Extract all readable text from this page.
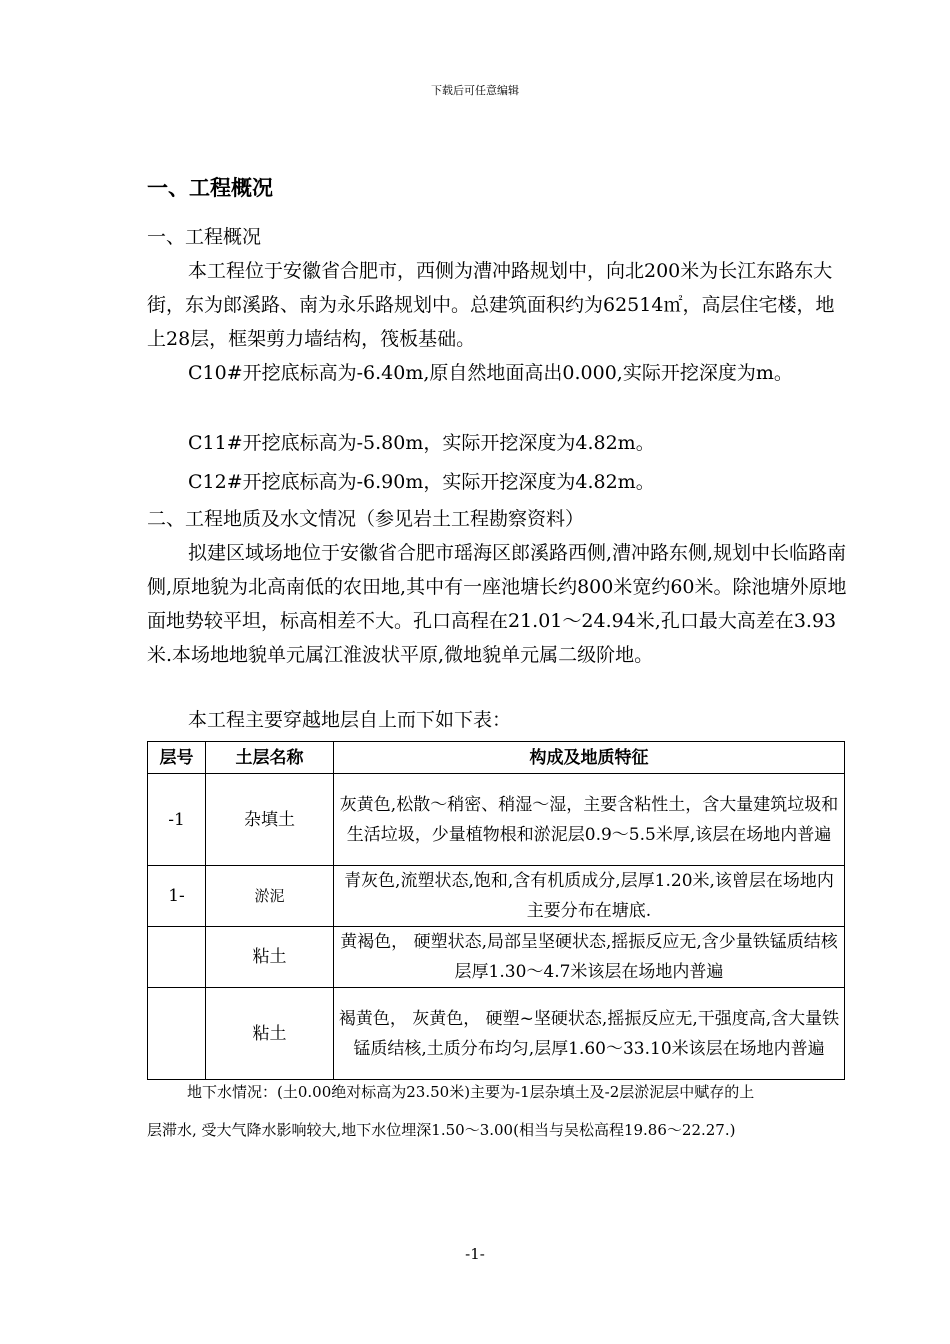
下载后可任意编辑
一、工程概况
一、工程概况

本工程位于安徽省合肥市，西侧为漕冲路规划中，向北200米为长江东路东大街，东为郎溪路、南为永乐路规划中。总建筑面积约为62514㎡，高层住宅楼，地上28层，框架剪力墙结构，筏板基础。

C10#开挖底标高为-6.40m,原自然地面高出0.000,实际开挖深度为m。

C11#开挖底标高为-5.80m，实际开挖深度为4.82m。

C12#开挖底标高为-6.90m，实际开挖深度为4.82m。

二、工程地质及水文情况（参见岩土工程勘察资料）

拟建区域场地位于安徽省合肥市瑶海区郎溪路西侧,漕冲路东侧,规划中长临路南侧,原地貌为北高南低的农田地,其中有一座池塘长约800米宽约60米。除池塘外原地面地势较平坦，标高相差不大。孔口高程在21.01～24.94米,孔口最大高差在3.93米.本场地地貌单元属江淮波状平原,微地貌单元属二级阶地。

本工程主要穿越地层自上而下如下表：

层号	土层名称	构成及地质特征
-1	杂填土	灰黄色,松散～稍密、稍湿～湿，主要含粘性土，含大量建筑垃圾和生活垃圾，少量植物根和淤泥层0.9～5.5米厚,该层在场地内普遍
1-	淤泥	青灰色,流塑状态,饱和,含有机质成分,层厚1.20米,该曾层在场地内主要分布在塘底.
	粘土	黄褐色， 硬塑状态,局部呈坚硬状态,摇振反应无,含少量铁锰质结核层厚1.30～4.7米该层在场地内普遍
	粘土	褐黄色， 灰黄色， 硬塑~坚硬状态,摇振反应无,干强度高,含大量铁锰质结核,土质分布均匀,层厚1.60～33.10米该层在场地内普遍
地下水情况：(土0.00绝对标高为23.50米)主要为-1层杂填土及-2层淤泥层中赋存的上
层滞水, 受大气降水影响较大,地下水位埋深1.50～3.00(相当与吴松高程19.86～22.27.)
-1-
